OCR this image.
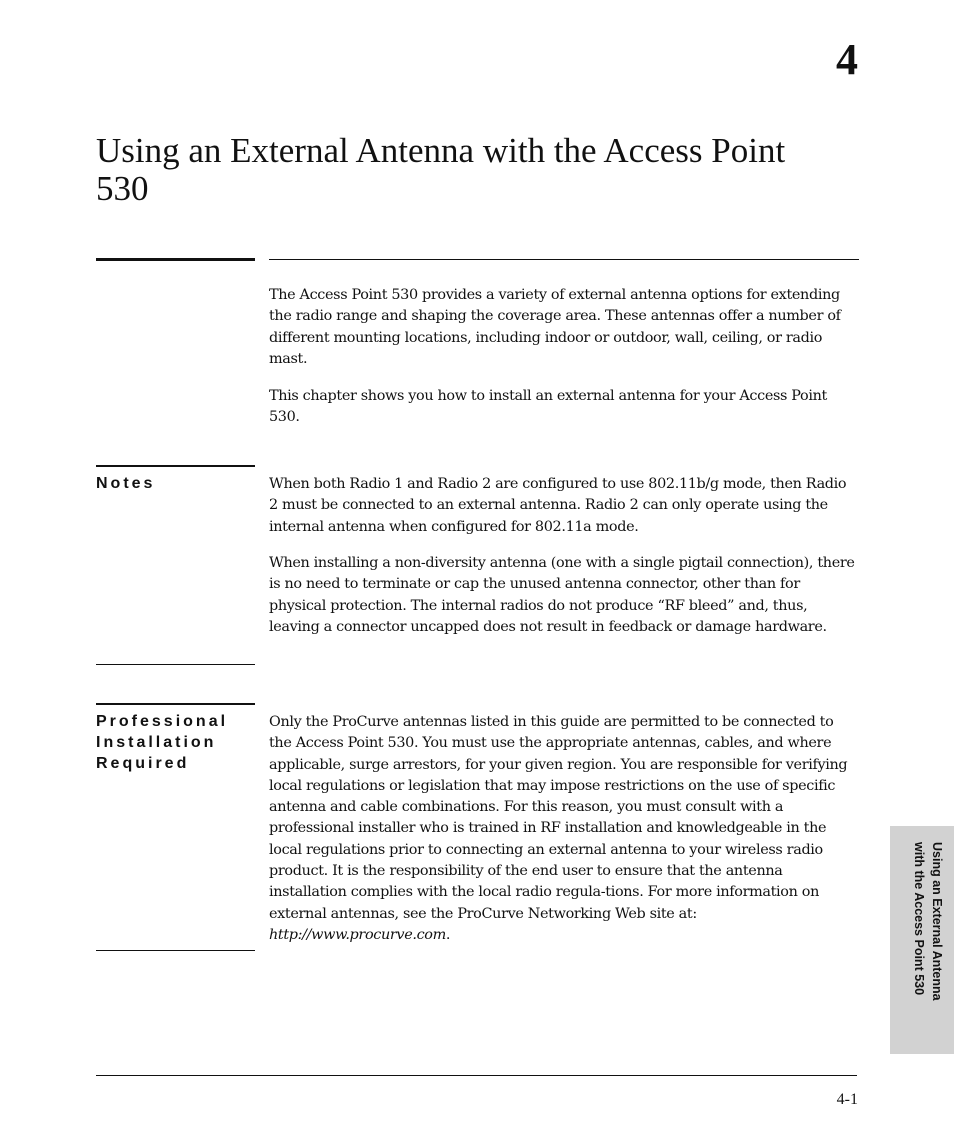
4
Using an External Antenna with the Access Point 530

The Access Point 530 provides a variety of external antenna options for extending the radio range and shaping the coverage area. These antennas offer a number of different mounting locations, including indoor or outdoor, wall, ceiling, or radio mast.

This chapter shows you how to install an external antenna for your Access Point 530.

Notes	When both Radio 1 and Radio 2 are configured to use 802.11b/g mode, then Radio 2 must be connected to an external antenna. Radio 2 can only operate using the internal antenna when configured for 802.11a mode.

When installing a non-diversity antenna (one with a single pigtail connection), there is no need to terminate or cap the unused antenna connector, other than for physical protection. The internal radios do not produce “RF bleed” and, thus, leaving a connector uncapped does not result in feedback or damage hardware.

Professional
Installation
Required

Only the ProCurve antennas listed in this guide are permitted to be connected to the Access Point 530. You must use the appropriate antennas, cables, and where applicable, surge arrestors, for your given region. You are responsible for verifying local regulations or legislation that may impose restrictions on the use of specific antenna and cable combinations. For this reason, you must consult with a professional installer who is trained in RF installation and knowledgeable in the local regulations prior to connecting an external antenna to your wireless radio product. It is the responsibility of the end user to ensure that the antenna installation complies with the local radio regula-tions. For more information on external antennas, see the ProCurve Networking Web site at: http://www.procurve.com.	Using an External Antenna
with the Access Point 530
4-1
